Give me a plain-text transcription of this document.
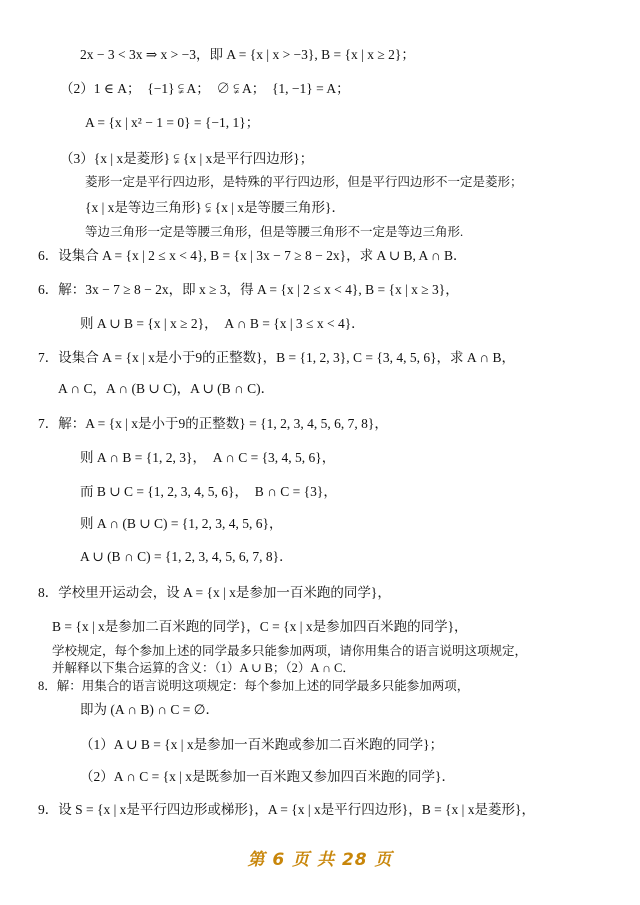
2x − 3 < 3x ⇒ x > −3，即 A = {x | x > −3}, B = {x | x ≥ 2}；
（2）1 ∈ A；　{−1} ⫋ A；　∅ ⫋ A；　{1, −1} = A；
A = {x | x² − 1 = 0} = {−1, 1}；
（3）{x | x是菱形} ⫋ {x | x是平行四边形}；
菱形一定是平行四边形，是特殊的平行四边形，但是平行四边形不一定是菱形；
{x | x是等边三角形} ⫋ {x | x是等腰三角形}．
等边三角形一定是等腰三角形，但是等腰三角形不一定是等边三角形.
6．设集合 A = {x | 2 ≤ x < 4}, B = {x | 3x − 7 ≥ 8 − 2x}，求 A ∪ B, A ∩ B．
6．解：3x − 7 ≥ 8 − 2x，即 x ≥ 3，得 A = {x | 2 ≤ x < 4}, B = {x | x ≥ 3}，
则 A ∪ B = {x | x ≥ 2}，　A ∩ B = {x | 3 ≤ x < 4}．
7．设集合 A = {x | x是小于9的正整数}，B = {1, 2, 3}, C = {3, 4, 5, 6}，求 A ∩ B，
A ∩ C，A ∩ (B ∪ C)，A ∪ (B ∩ C)．
7．解：A = {x | x是小于9的正整数} = {1, 2, 3, 4, 5, 6, 7, 8}，
则 A ∩ B = {1, 2, 3}，　A ∩ C = {3, 4, 5, 6}，
而 B ∪ C = {1, 2, 3, 4, 5, 6}，　B ∩ C = {3}，
则 A ∩ (B ∪ C) = {1, 2, 3, 4, 5, 6}，
A ∪ (B ∩ C) = {1, 2, 3, 4, 5, 6, 7, 8}．
8．学校里开运动会，设 A = {x | x是参加一百米跑的同学}，
B = {x | x是参加二百米跑的同学}，C = {x | x是参加四百米跑的同学}，
学校规定，每个参加上述的同学最多只能参加两项，请你用集合的语言说明这项规定，
并解释以下集合运算的含义：（1）A ∪ B；（2）A ∩ C．
8．解：用集合的语言说明这项规定：每个参加上述的同学最多只能参加两项，
即为 (A ∩ B) ∩ C = ∅．
（1）A ∪ B = {x | x是参加一百米跑或参加二百米跑的同学}；
（2）A ∩ C = {x | x是既参加一百米跑又参加四百米跑的同学}．
9．设 S = {x | x是平行四边形或梯形}，A = {x | x是平行四边形}，B = {x | x是菱形}，
第 6 页 共 28 页
